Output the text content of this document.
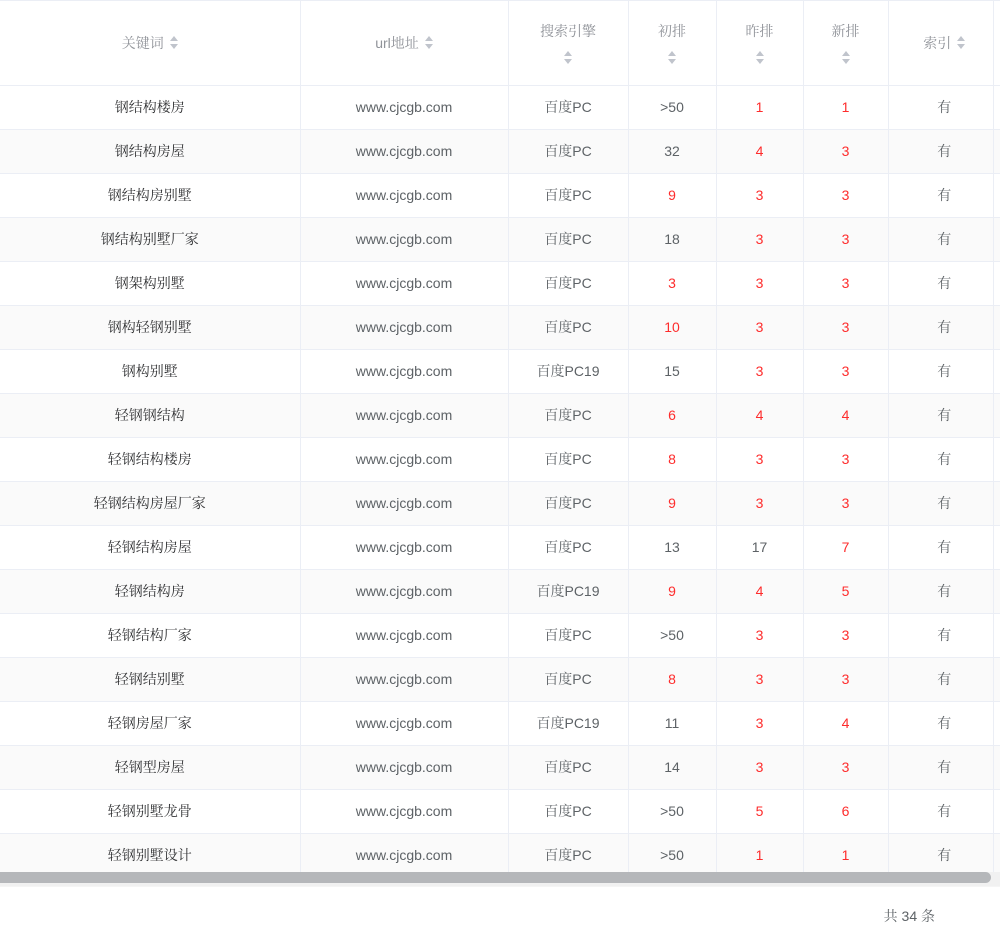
关键词	url地址	搜索引擎	初排	昨排	新排	索引

钢结构楼房	www.cjcgb.com	百度PC	>50	1	1	有
钢结构房屋	www.cjcgb.com	百度PC	32	4	3	有
钢结构房别墅	www.cjcgb.com	百度PC	9	3	3	有
钢结构别墅厂家	www.cjcgb.com	百度PC	18	3	3	有
钢架构别墅	www.cjcgb.com	百度PC	3	3	3	有
钢构轻钢别墅	www.cjcgb.com	百度PC	10	3	3	有
钢构别墅	www.cjcgb.com	百度PC19	15	3	3	有
轻钢钢结构	www.cjcgb.com	百度PC	6	4	4	有
轻钢结构楼房	www.cjcgb.com	百度PC	8	3	3	有
轻钢结构房屋厂家	www.cjcgb.com	百度PC	9	3	3	有
轻钢结构房屋	www.cjcgb.com	百度PC	13	17	7	有
轻钢结构房	www.cjcgb.com	百度PC19	9	4	5	有
轻钢结构厂家	www.cjcgb.com	百度PC	>50	3	3	有
轻钢结别墅	www.cjcgb.com	百度PC	8	3	3	有
轻钢房屋厂家	www.cjcgb.com	百度PC19	11	3	4	有
轻钢型房屋	www.cjcgb.com	百度PC	14	3	3	有
轻钢别墅龙骨	www.cjcgb.com	百度PC	>50	5	6	有
轻钢别墅设计	www.cjcgb.com	百度PC	>50	1	1	有
共 34 条
